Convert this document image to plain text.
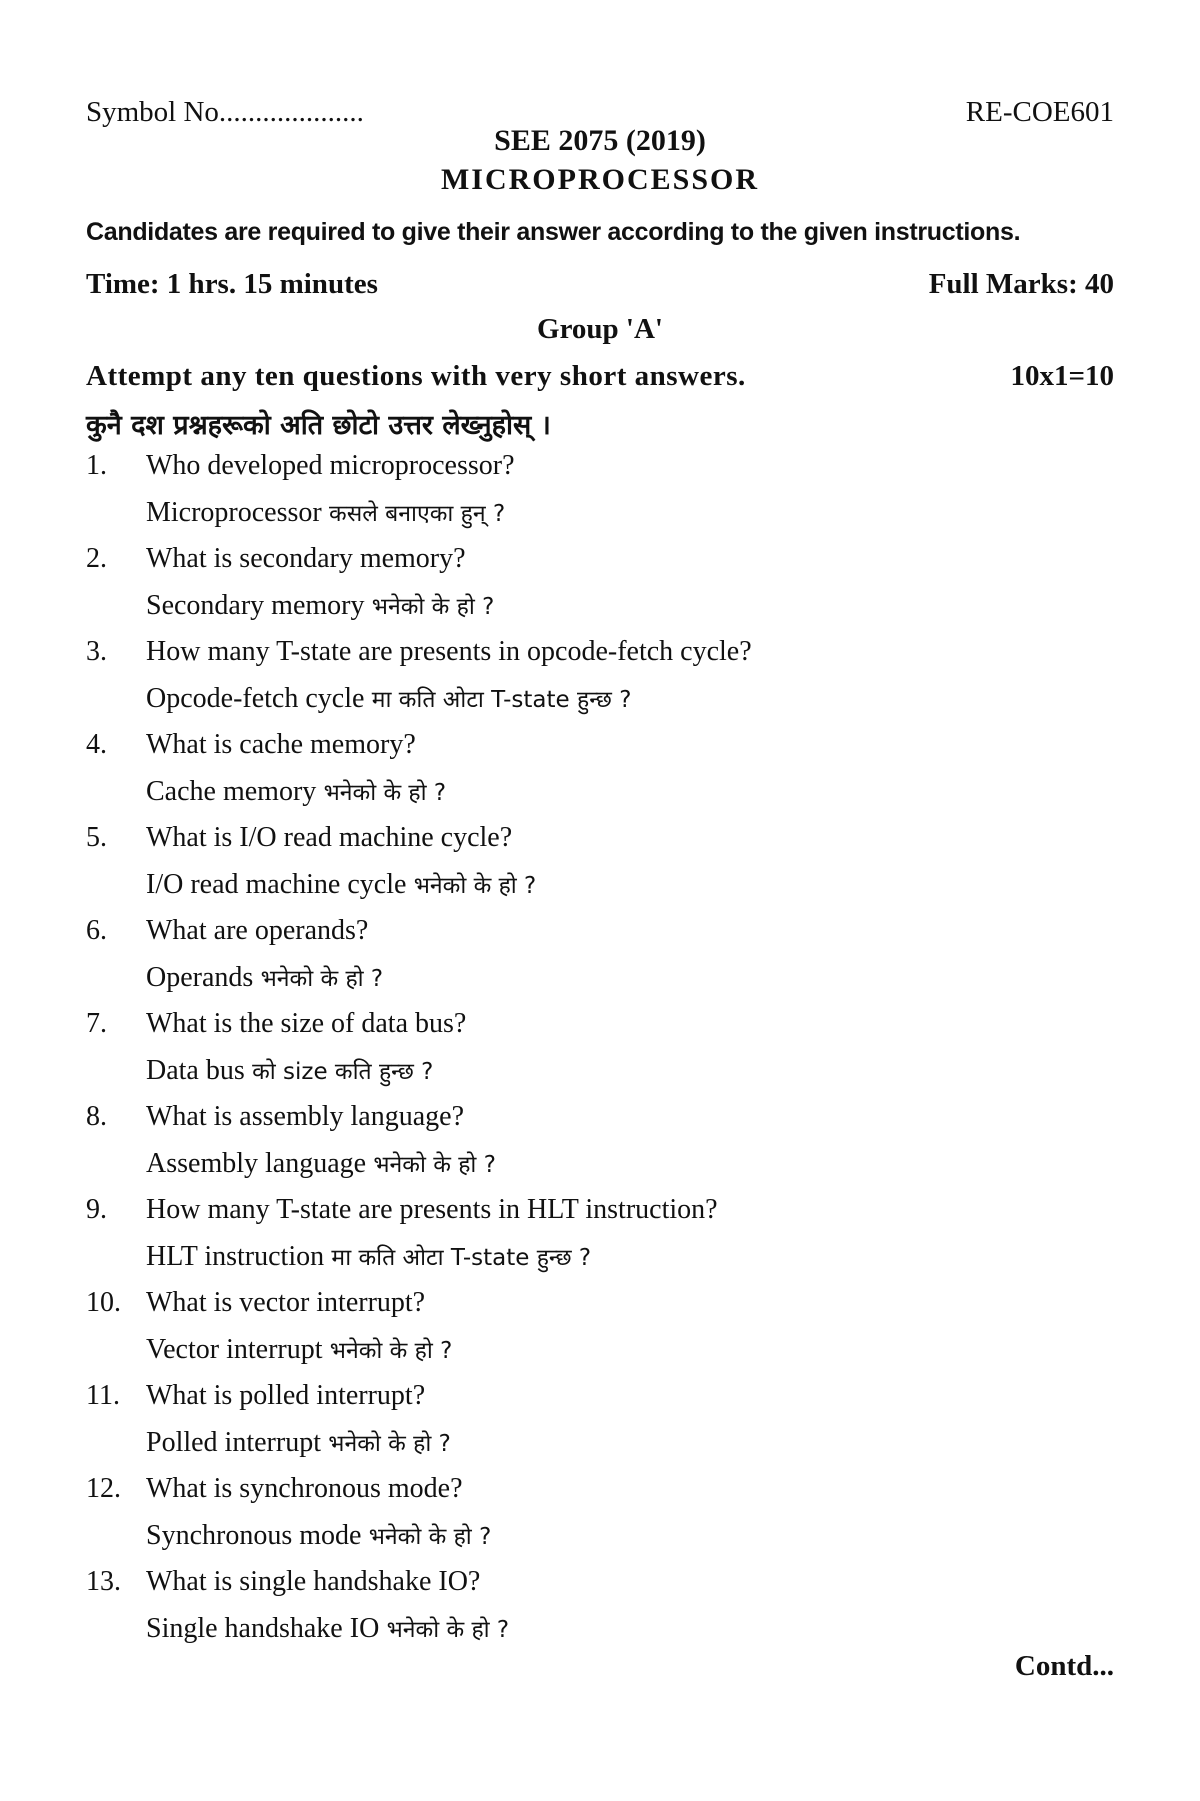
Symbol No....................	RE-COE601
SEE 2075 (2019)
MICROPROCESSOR
Candidates are required to give their answer according to the given instructions.
Time: 1 hrs. 15 minutes	Full Marks: 40
Group 'A'
Attempt any ten questions with very short answers.	10x1=10
कुनै दश प्रश्नहरूको अति छोटो उत्तर लेख्नुहोस् ।
1. Who developed microprocessor?
Microprocessor कसले बनाएका हुन् ?
2. What is secondary memory?
Secondary memory भनेको के हो ?
3. How many T-state are presents in opcode-fetch cycle?
Opcode-fetch cycle मा कति ओटा T-state हुन्छ ?
4. What is cache memory?
Cache memory भनेको के हो ?
5. What is I/O read machine cycle?
I/O read machine cycle भनेको के हो ?
6. What are operands?
Operands भनेको के हो ?
7. What is the size of data bus?
Data bus को size कति हुन्छ ?
8. What is assembly language?
Assembly language भनेको के हो ?
9. How many T-state are presents in HLT instruction?
HLT instruction मा कति ओटा T-state हुन्छ ?
10. What is vector interrupt?
Vector interrupt भनेको के हो ?
11. What is polled interrupt?
Polled interrupt भनेको के हो ?
12. What is synchronous mode?
Synchronous mode भनेको के हो ?
13. What is single handshake IO?
Single handshake IO भनेको के हो ?
Contd...
